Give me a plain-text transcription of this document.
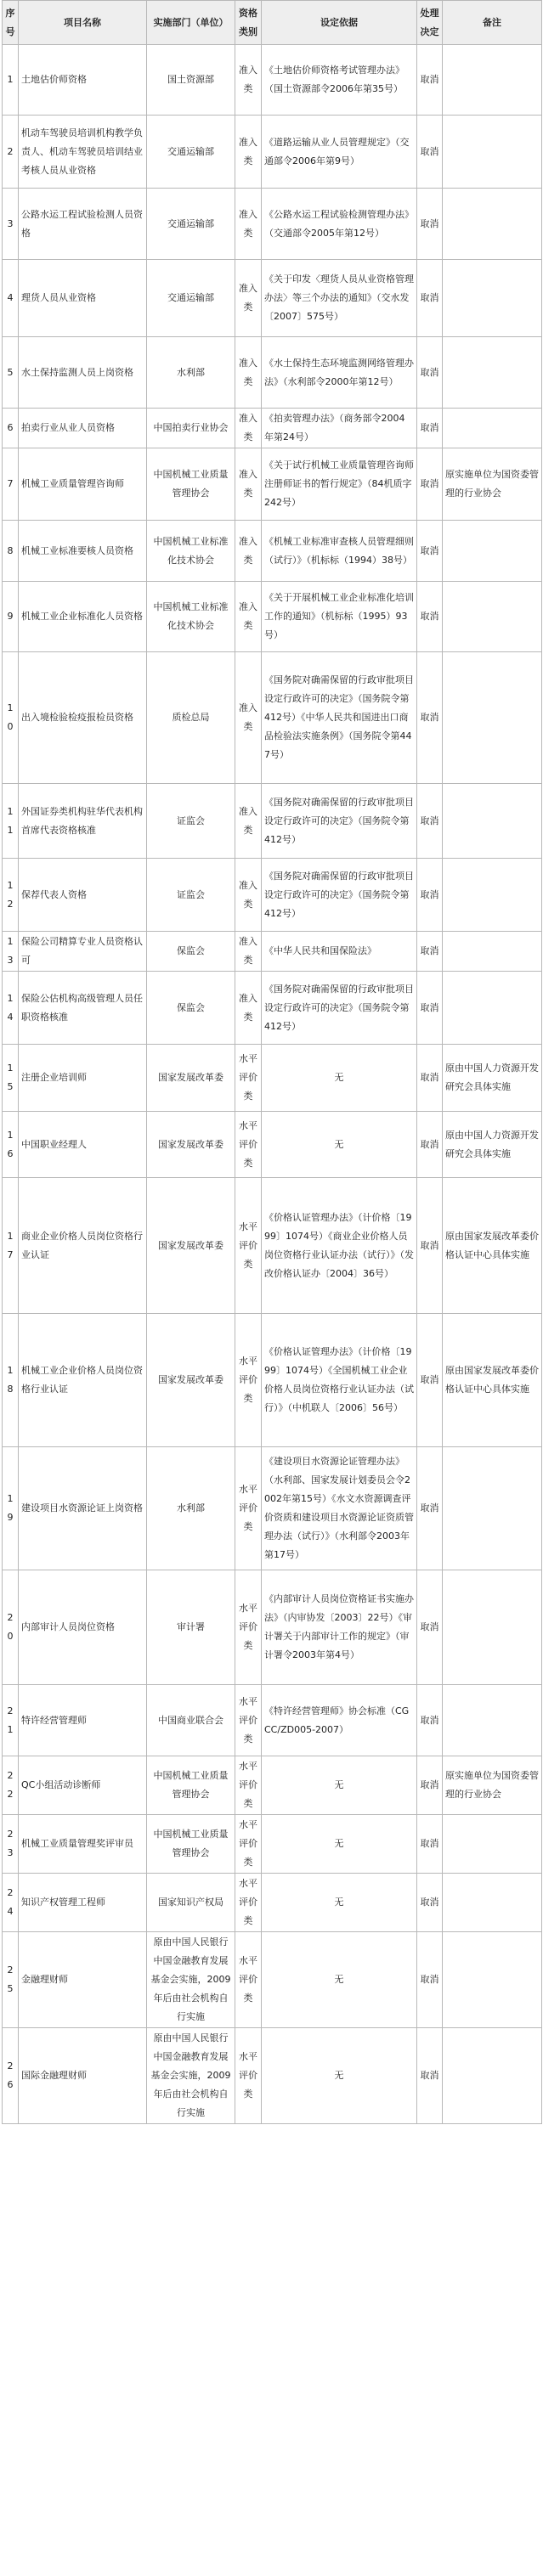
序号	项目名称	实施部门（单位）	资格类别	设定依据	处理决定	备注
1	土地估价师资格	国土资源部	准入类	《土地估价师资格考试管理办法》（国土资源部令2006年第35号）	取消	
2	机动车驾驶员培训机构教学负责人、机动车驾驶员培训结业考核人员从业资格	交通运输部	准入类	《道路运输从业人员管理规定》（交通部令2006年第9号）	取消	
3	公路水运工程试验检测人员资格	交通运输部	准入类	《公路水运工程试验检测管理办法》（交通部令2005年第12号）	取消	
4	理货人员从业资格	交通运输部	准入类	《关于印发〈理货人员从业资格管理办法〉等三个办法的通知》（交水发〔2007〕575号）	取消	
5	水土保持监测人员上岗资格	水利部	准入类	《水土保持生态环境监测网络管理办法》（水利部令2000年第12号）	取消	
6	拍卖行业从业人员资格	中国拍卖行业协会	准入类	《拍卖管理办法》（商务部令2004年第24号）	取消	
7	机械工业质量管理咨询师	中国机械工业质量管理协会	准入类	《关于试行机械工业质量管理咨询师注册师证书的暂行规定》（84机质字242号）	取消	原实施单位为国资委管理的行业协会
8	机械工业标准要核人员资格	中国机械工业标准化技术协会	准入类	《机械工业标准审查核人员管理细则（试行）》（机标标（1994）38号）	取消	
9	机械工业企业标准化人员资格	中国机械工业标准化技术协会	准入类	《关于开展机械工业企业标准化培训工作的通知》（机标标（1995）93号）	取消	
10	出入境检验检疫报检员资格	质检总局	准入类	《国务院对确需保留的行政审批项目设定行政许可的决定》（国务院令第412号）《中华人民共和国进出口商品检验法实施条例》（国务院令第447号）	取消	
11	外国证券类机构驻华代表机构首席代表资格核准	证监会	准入类	《国务院对确需保留的行政审批项目设定行政许可的决定》（国务院令第412号）	取消	
12	保荐代表人资格	证监会	准入类	《国务院对确需保留的行政审批项目设定行政许可的决定》（国务院令第412号）	取消	
13	保险公司精算专业人员资格认可	保监会	准入类	《中华人民共和国保险法》	取消	
14	保险公估机构高级管理人员任职资格核准	保监会	准入类	《国务院对确需保留的行政审批项目设定行政许可的决定》（国务院令第412号）	取消	
15	注册企业培训师	国家发展改革委	水平评价类	无	取消	原由中国人力资源开发研究会具体实施
16	中国职业经理人	国家发展改革委	水平评价类	无	取消	原由中国人力资源开发研究会具体实施
17	商业企业价格人员岗位资格行业认证	国家发展改革委	水平评价类	《价格认证管理办法》（计价格〔1999〕1074号）《商业企业价格人员岗位资格行业认证办法（试行）》（发改价格认证办〔2004〕36号）	取消	原由国家发展改革委价格认证中心具体实施
18	机械工业企业价格人员岗位资格行业认证	国家发展改革委	水平评价类	《价格认证管理办法》（计价格〔1999〕1074号）《全国机械工业企业价格人员岗位资格行业认证办法（试行）》（中机联人〔2006〕56号）	取消	原由国家发展改革委价格认证中心具体实施
19	建设项目水资源论证上岗资格	水利部	水平评价类	《建设项目水资源论证管理办法》（水利部、国家发展计划委员会令2002年第15号）《水文水资源调查评价资质和建设项目水资源论证资质管理办法（试行）》（水利部令2003年第17号）	取消	
20	内部审计人员岗位资格	审计署	水平评价类	《内部审计人员岗位资格证书实施办法》（内审协发〔2003〕22号）《审计署关于内部审计工作的规定》（审计署令2003年第4号）	取消	
21	特许经营管理师	中国商业联合会	水平评价类	《特许经营管理师》协会标准（CGCC/ZD005-2007）	取消	
22	QC小组活动诊断师	中国机械工业质量管理协会	水平评价类	无	取消	原实施单位为国资委管理的行业协会
23	机械工业质量管理奖评审员	中国机械工业质量管理协会	水平评价类	无	取消	
24	知识产权管理工程师	国家知识产权局	水平评价类	无	取消	
25	金融理财师	原由中国人民银行中国金融教育发展基金会实施，2009年后由社会机构自行实施	水平评价类	无	取消	
26	国际金融理财师	原由中国人民银行中国金融教育发展基金会实施，2009年后由社会机构自行实施	水平评价类	无	取消	
